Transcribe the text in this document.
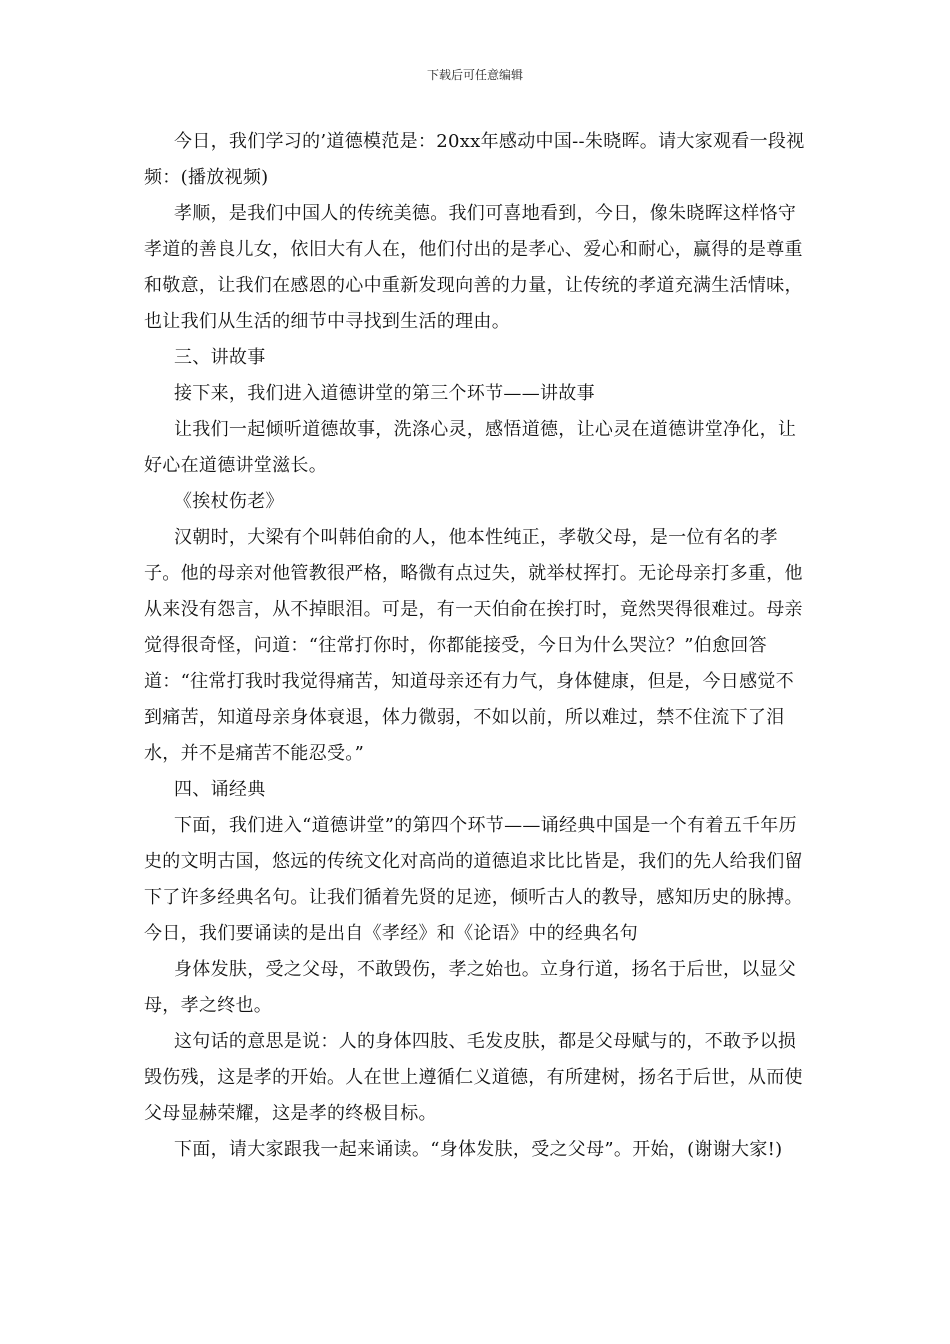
下载后可任意编辑

今日，我们学习的’道德模范是：20xx年感动中国--朱晓晖。请大家观看一段视频：(播放视频)

孝顺，是我们中国人的传统美德。我们可喜地看到，今日，像朱晓晖这样恪守孝道的善良儿女，依旧大有人在，他们付出的是孝心、爱心和耐心，赢得的是尊重和敬意，让我们在感恩的心中重新发现向善的力量，让传统的孝道充满生活情味，也让我们从生活的细节中寻找到生活的理由。

三、讲故事

接下来，我们进入道德讲堂的第三个环节——讲故事

让我们一起倾听道德故事，洗涤心灵，感悟道德，让心灵在道德讲堂净化，让好心在道德讲堂滋长。

《挨杖伤老》

汉朝时，大梁有个叫韩伯俞的人，他本性纯正，孝敬父母，是一位有名的孝子。他的母亲对他管教很严格，略微有点过失，就举杖挥打。无论母亲打多重，他从来没有怨言，从不掉眼泪。可是，有一天伯俞在挨打时，竟然哭得很难过。母亲觉得很奇怪，问道：“往常打你时，你都能接受，今日为什么哭泣？”伯愈回答道：“往常打我时我觉得痛苦，知道母亲还有力气，身体健康，但是，今日感觉不到痛苦，知道母亲身体衰退，体力微弱，不如以前，所以难过，禁不住流下了泪水，并不是痛苦不能忍受。”

四、诵经典

下面，我们进入“道德讲堂”的第四个环节——诵经典中国是一个有着五千年历史的文明古国，悠远的传统文化对高尚的道德追求比比皆是，我们的先人给我们留下了许多经典名句。让我们循着先贤的足迹，倾听古人的教导，感知历史的脉搏。今日，我们要诵读的是出自《孝经》和《论语》中的经典名句

身体发肤，受之父母，不敢毁伤，孝之始也。立身行道，扬名于后世，以显父母，孝之终也。

这句话的意思是说：人的身体四肢、毛发皮肤，都是父母赋与的，不敢予以损毁伤残，这是孝的开始。人在世上遵循仁义道德，有所建树，扬名于后世，从而使父母显赫荣耀，这是孝的终极目标。

下面，请大家跟我一起来诵读。“身体发肤，受之父母”。开始，(谢谢大家!)
